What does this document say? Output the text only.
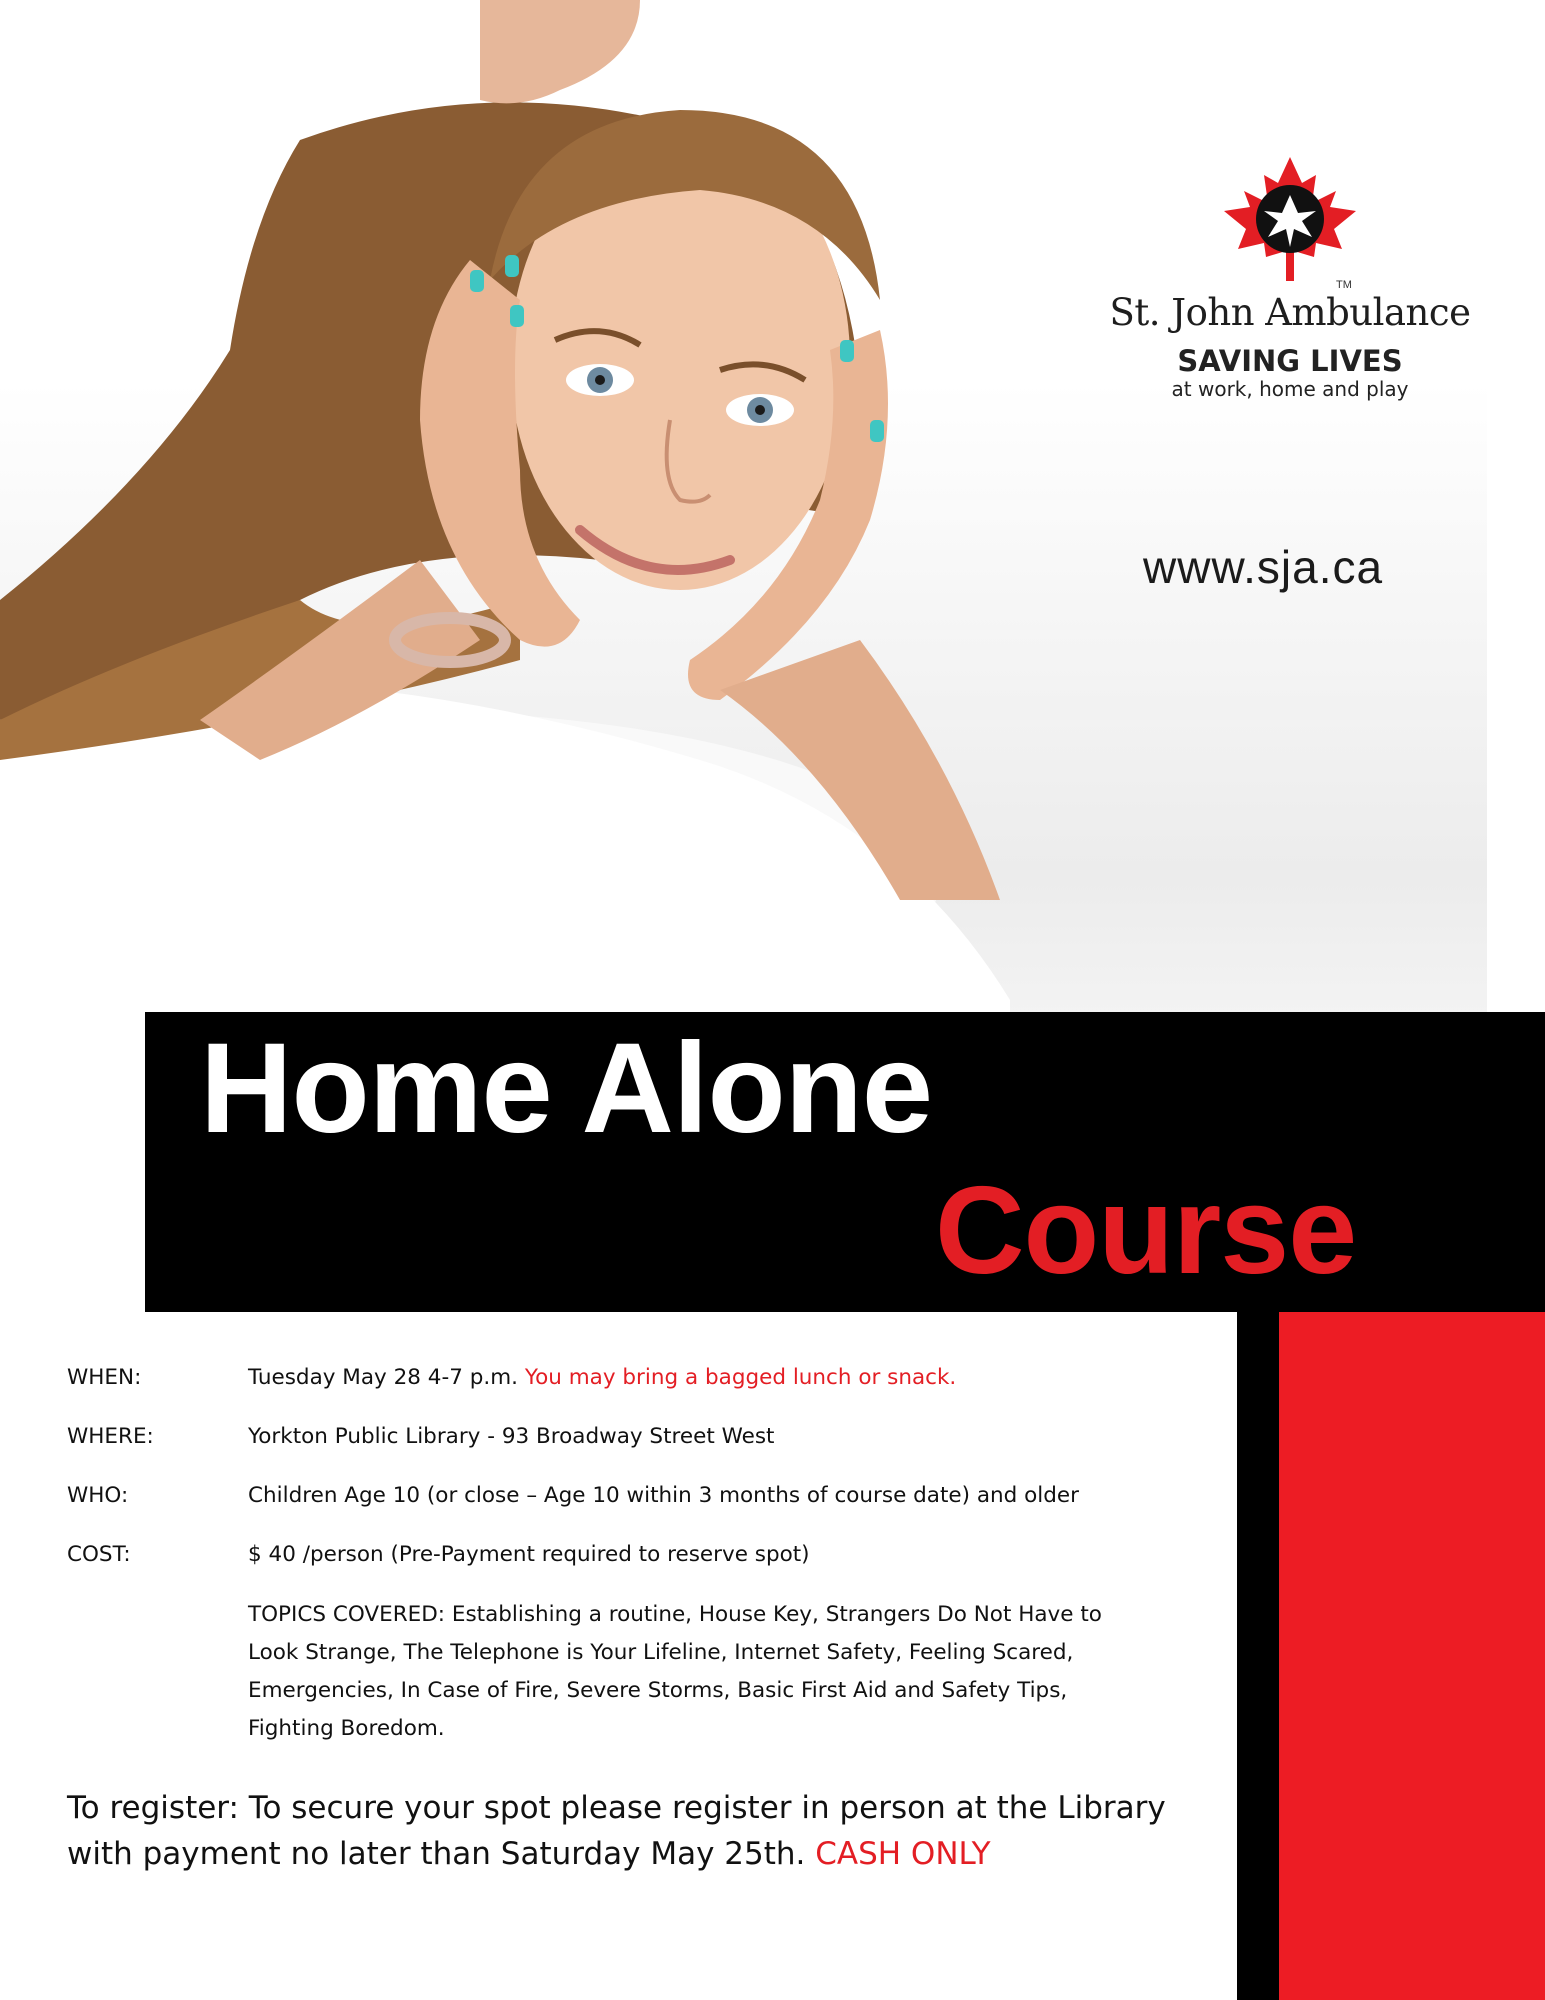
TM
St. John Ambulance
SAVING LIVES
at work, home and play
www.sja.ca
Home Alone
Course
WHEN:	Tuesday May 28 4-7 p.m. You may bring a bagged lunch or snack.
WHERE:	Yorkton Public Library - 93 Broadway Street West
WHO:	Children Age 10 (or close – Age 10 within 3 months of course date) and older
COST:	$ 40 /person (Pre-Payment required to reserve spot)
TOPICS COVERED: Establishing a routine, House Key, Strangers Do Not Have to Look Strange, The Telephone is Your Lifeline, Internet Safety, Feeling Scared, Emergencies, In Case of Fire, Severe Storms, Basic First Aid and Safety Tips, Fighting Boredom.
To register: To secure your spot please register in person at the Library with payment no later than Saturday May 25th. CASH ONLY
